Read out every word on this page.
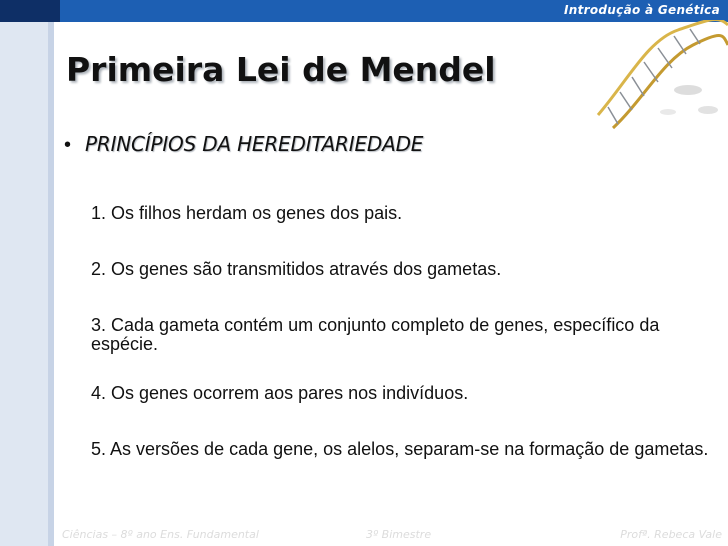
Introdução à Genética
Primeira Lei de Mendel
• PRINCÍPIOS DA HEREDITARIEDADE
1. Os filhos herdam os genes dos pais.
2. Os genes são transmitidos através dos gametas.
3. Cada gameta contém um conjunto completo de genes, específico da espécie.
4. Os genes ocorrem aos pares nos indivíduos.
5. As versões de cada gene, os alelos, separam-se na formação de gametas.
Ciências – 8º ano Ens. Fundamental	3º Bimestre	Profª. Rebeca Vale
